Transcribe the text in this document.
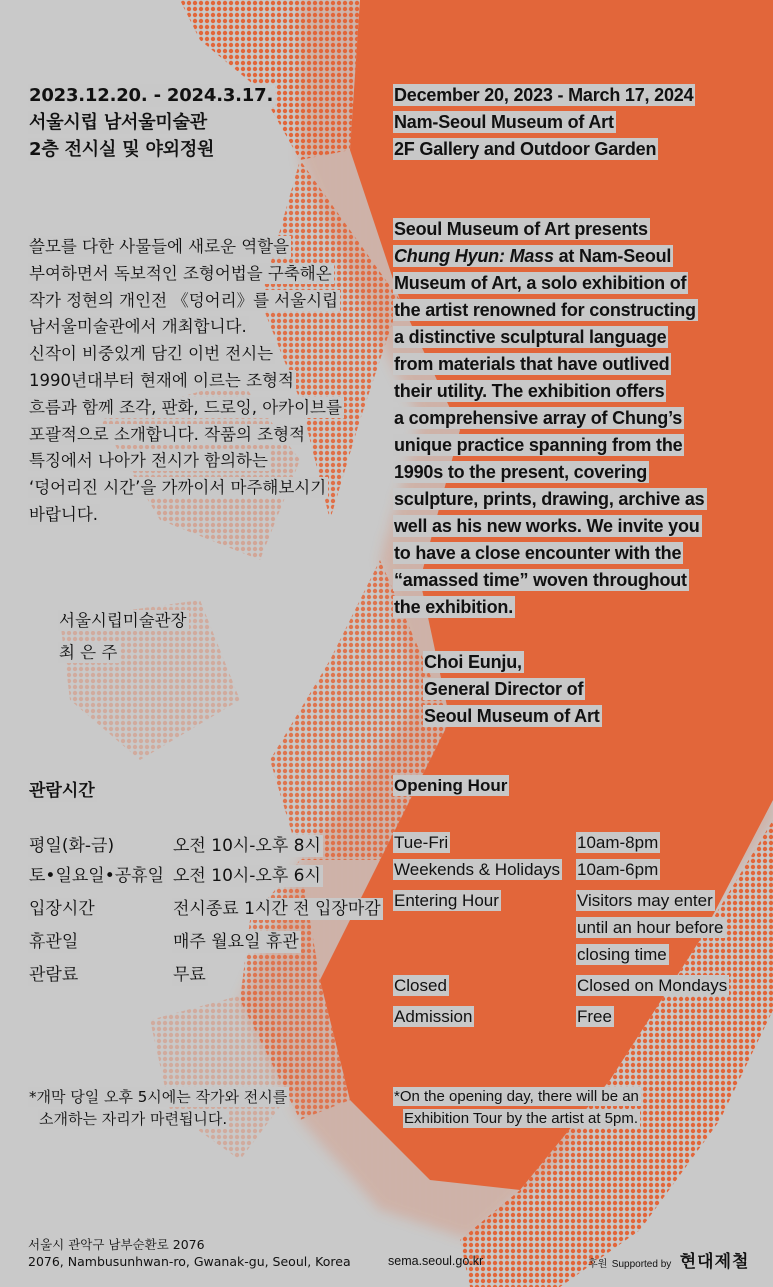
2023.12.20. - 2024.3.17.
서울시립 남서울미술관
2층 전시실 및 야외정원
December 20, 2023 - March 17, 2024
Nam-Seoul Museum of Art
2F Gallery and Outdoor Garden
쓸모를 다한 사물들에 새로운 역할을
부여하면서 독보적인 조형어법을 구축해온
작가 정현의 개인전 《덩어리》를 서울시립
남서울미술관에서 개최합니다.
신작이 비중있게 담긴 이번 전시는
1990년대부터 현재에 이르는 조형적
흐름과 함께 조각, 판화, 드로잉, 아카이브를
포괄적으로 소개합니다. 작품의 조형적
특징에서 나아가 전시가 함의하는
‘덩어리진 시간’을 가까이서 마주해보시기
바랍니다.
서울시립미술관장
최 은 주
Seoul Museum of Art presents
Chung Hyun: Mass at Nam-Seoul
Museum of Art, a solo exhibition of
the artist renowned for constructing
a distinctive sculptural language
from materials that have outlived
their utility. The exhibition offers
a comprehensive array of Chung’s
unique practice spanning from the
1990s to the present, covering
sculpture, prints, drawing, archive as
well as his new works. We invite you
to have a close encounter with the
“amassed time” woven throughout
the exhibition.
Choi Eunju,
General Director of
Seoul Museum of Art
관람시간	Opening Hour
평일(화-금)	오전 10시-오후 8시
토•일요일•공휴일 오전 10시-오후 6시
입장시간	전시종료 1시간 전 입장마감
휴관일	매주 월요일 휴관
관람료	무료
Tue-Fri	10am-8pm
Weekends & Holidays 10am-6pm
Entering Hour	Visitors may enter
until an hour before
closing time
Closed	Closed on Mondays
Admission	Free
*개막 당일 오후 5시에는 작가와 전시를
소개하는 자리가 마련됩니다.
*On the opening day, there will be an
Exhibition Tour by the artist at 5pm.
서울시 관악구 남부순환로 2076
2076, Nambusunhwan-ro, Gwanak-gu, Seoul, Korea	sema.seoul.go.kr	후원 Supported by 현대제철
